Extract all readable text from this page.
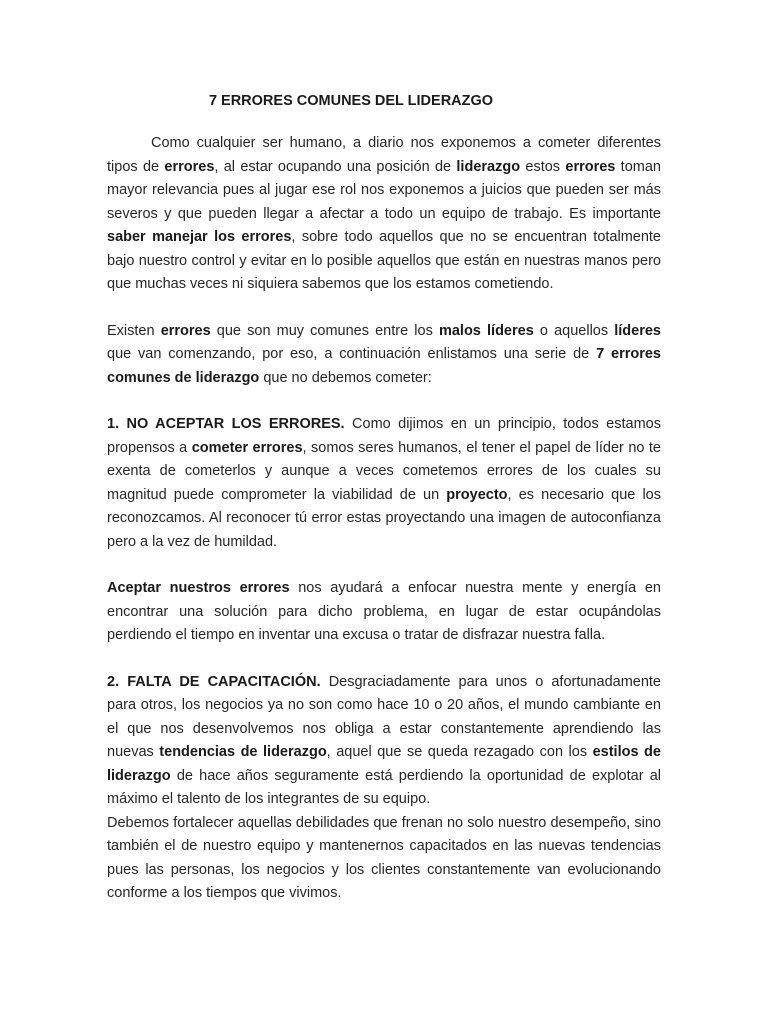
7 ERRORES COMUNES DEL LIDERAZGO

Como cualquier ser humano, a diario nos exponemos a cometer diferentes tipos de errores, al estar ocupando una posición de liderazgo estos errores toman mayor relevancia pues al jugar ese rol nos exponemos a juicios que pueden ser más severos y que pueden llegar a afectar a todo un equipo de trabajo. Es importante saber manejar los errores, sobre todo aquellos que no se encuentran totalmente bajo nuestro control y evitar en lo posible aquellos que están en nuestras manos pero que muchas veces ni siquiera sabemos que los estamos cometiendo.

Existen errores que son muy comunes entre los malos líderes o aquellos líderes que van comenzando, por eso, a continuación enlistamos una serie de 7 errores comunes de liderazgo que no debemos cometer:

1. NO ACEPTAR LOS ERRORES. Como dijimos en un principio, todos estamos propensos a cometer errores, somos seres humanos, el tener el papel de líder no te exenta de cometerlos y aunque a veces cometemos errores de los cuales su magnitud puede comprometer la viabilidad de un proyecto, es necesario que los reconozcamos. Al reconocer tú error estas proyectando una imagen de autoconfianza pero a la vez de humildad.

Aceptar nuestros errores nos ayudará a enfocar nuestra mente y energía en encontrar una solución para dicho problema, en lugar de estar ocupándolas perdiendo el tiempo en inventar una excusa o tratar de disfrazar nuestra falla.

2. FALTA DE CAPACITACIÓN. Desgraciadamente para unos o afortunadamente para otros, los negocios ya no son como hace 10 o 20 años, el mundo cambiante en el que nos desenvolvemos nos obliga a estar constantemente aprendiendo las nuevas tendencias de liderazgo, aquel que se queda rezagado con los estilos de liderazgo de hace años seguramente está perdiendo la oportunidad de explotar al máximo el talento de los integrantes de su equipo.

Debemos fortalecer aquellas debilidades que frenan no solo nuestro desempeño, sino también el de nuestro equipo y mantenernos capacitados en las nuevas tendencias pues las personas, los negocios y los clientes constantemente van evolucionando conforme a los tiempos que vivimos.
